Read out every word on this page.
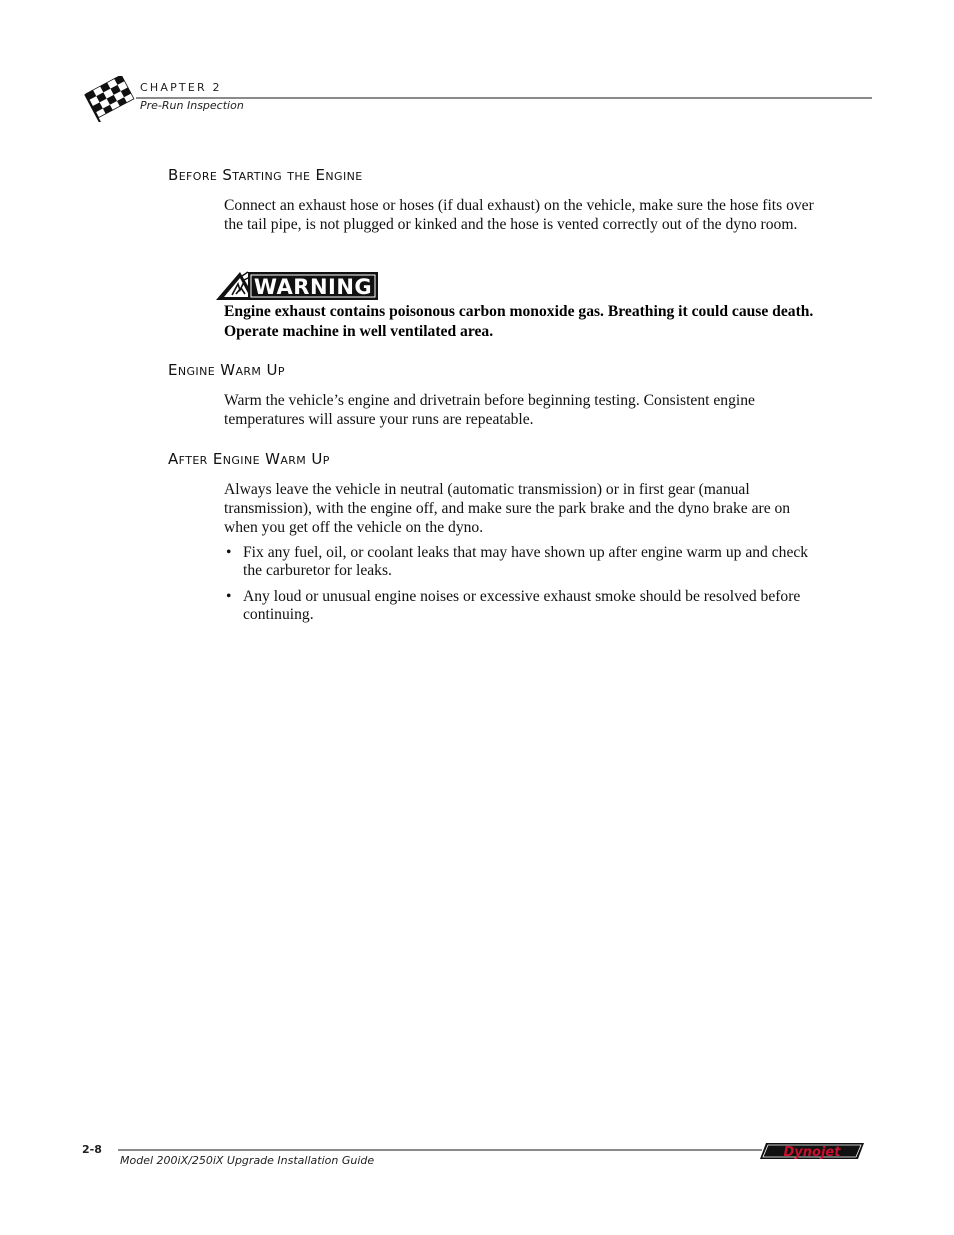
CHAPTER 2
Pre-Run Inspection
Before Starting the Engine
Connect an exhaust hose or hoses (if dual exhaust) on the vehicle, make sure the hose fits over the tail pipe, is not plugged or kinked and the hose is vented correctly out of the dyno room.
WARNING
Engine exhaust contains poisonous carbon monoxide gas. Breathing it could cause death. Operate machine in well ventilated area.
Engine Warm Up
Warm the vehicle’s engine and drivetrain before beginning testing. Consistent engine temperatures will assure your runs are repeatable.
After Engine Warm Up
Always leave the vehicle in neutral (automatic transmission) or in first gear (manual transmission), with the engine off, and make sure the park brake and the dyno brake are on when you get off the vehicle on the dyno.
• Fix any fuel, oil, or coolant leaks that may have shown up after engine warm up and check the carburetor for leaks.
• Any loud or unusual engine noises or excessive exhaust smoke should be resolved before continuing.
2-8
Model 200iX/250iX Upgrade Installation Guide
Dynojet
